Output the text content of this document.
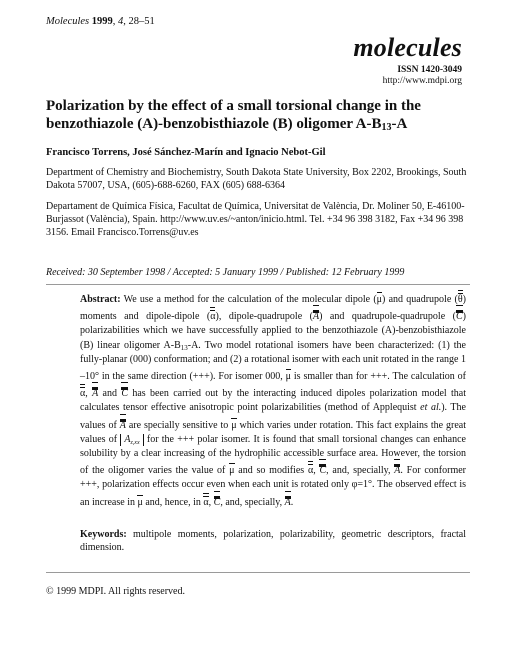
Molecules 1999, 4, 28–51
molecules
ISSN 1420-3049
http://www.mdpi.org
Polarization by the effect of a small torsional change in the benzothiazole (A)-benzobisthiazole (B) oligomer $A-B_{13}-A$
Francisco Torrens, José Sánchez-Marín and Ignacio Nebot-Gil

Department of Chemistry and Biochemistry, South Dakota State University, Box 2202, Brookings, South Dakota 57007, USA, (605)-688-6260, FAX (605) 688-6364

Departament de Química Física, Facultat de Química, Universitat de València, Dr. Moliner 50, E-46100-Burjassot (València), Spain. http://www.uv.es/~anton/inicio.html. Tel. +34 96 398 3182, Fax +34 96 398 3156. Email Francisco.Torrens@uv.es

Received: 30 September 1998 / Accepted: 5 January 1999 / Published: 12 February 1999
Abstract: We use a method for the calculation of the molecular dipole (μ) and quadrupole (θ) moments and dipole-dipole (α), dipole-quadrupole (A) and quadrupole-quadrupole (C) polarizabilities which we have successfully applied to the benzothiazole (A)-benzobisthiazole (B) linear oligomer $A-B_{13}-A$. Two model rotational isomers have been characterized: (1) the fully-planar (000) conformation; and (2) a rotational isomer with each unit rotated in the range 1 –10° in the same direction (+++). For isomer 000, μ is smaller than for +++. The calculation of α, A and C has been carried out by the interacting induced dipoles polarization model that calculates tensor effective anisotropic point polarizabilities (method of Applequist et al.). The values of A are specially sensitive to μ which varies under rotation. This fact explains the great values of $A_{z,xx}$ for the +++ polar isomer. It is found that small torsional changes can enhance solubility by a clear increasing of the hydrophilic accessible surface area. However, the torsion of the oligomer varies the value of μ and so modifies α, C, and, specially, A. For conformer +++, polarization effects occur even when each unit is rotated only φ=1°. The observed effect is an increase in μ and, hence, in α, C, and, specially, A.
Keywords: multipole moments, polarization, polarizability, geometric descriptors, fractal dimension.
© 1999 MDPI. All rights reserved.
